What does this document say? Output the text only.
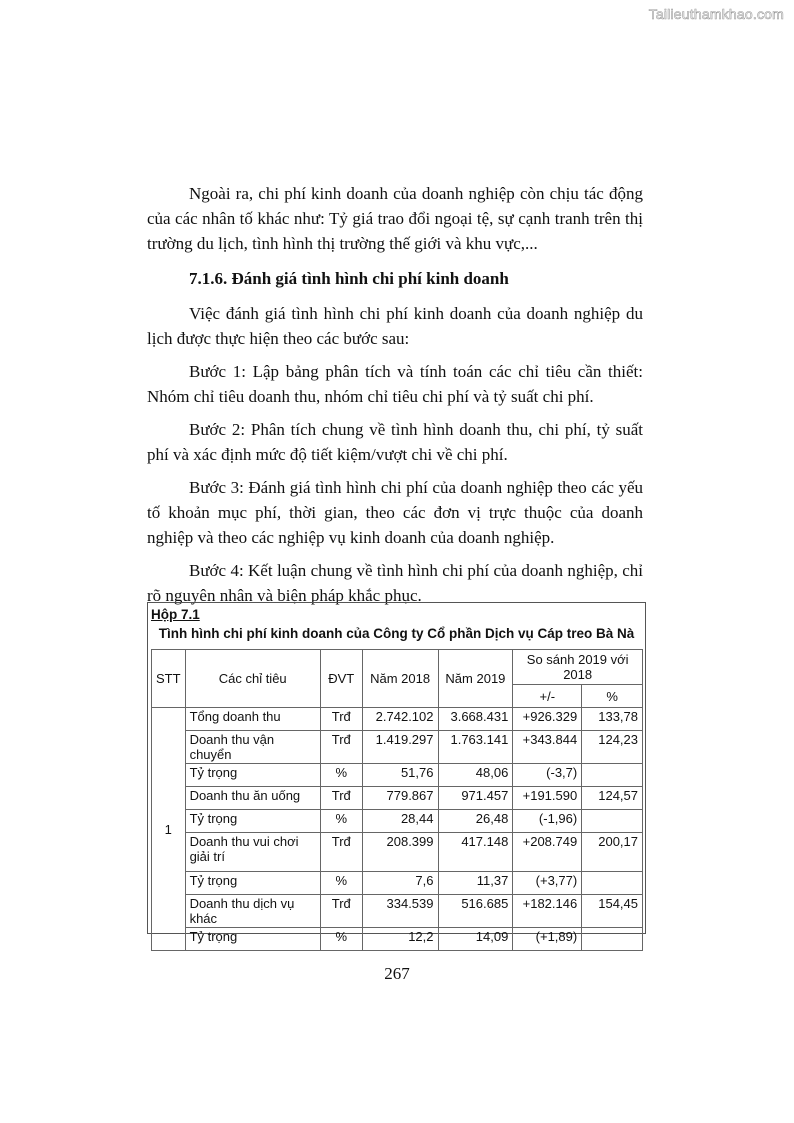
Tailieuthamkhao.com

Ngoài ra, chi phí kinh doanh của doanh nghiệp còn chịu tác động của các nhân tố khác như: Tỷ giá trao đổi ngoại tệ, sự cạnh tranh trên thị trường du lịch, tình hình thị trường thế giới và khu vực,...

7.1.6. Đánh giá tình hình chi phí kinh doanh

Việc đánh giá tình hình chi phí kinh doanh của doanh nghiệp du lịch được thực hiện theo các bước sau:

Bước 1: Lập bảng phân tích và tính toán các chỉ tiêu cần thiết: Nhóm chỉ tiêu doanh thu, nhóm chỉ tiêu chi phí và tỷ suất chi phí.

Bước 2: Phân tích chung về tình hình doanh thu, chi phí, tỷ suất phí và xác định mức độ tiết kiệm/vượt chi về chi phí.

Bước 3: Đánh giá tình hình chi phí của doanh nghiệp theo các yếu tố khoản mục phí, thời gian, theo các đơn vị trực thuộc của doanh nghiệp và theo các nghiệp vụ kinh doanh của doanh nghiệp.

Bước 4: Kết luận chung về tình hình chi phí của doanh nghiệp, chỉ rõ nguyên nhân và biện pháp khắc phục.

Hộp 7.1
Tình hình chi phí kinh doanh của Công ty Cổ phần Dịch vụ Cáp treo Bà Nà
STT	Các chỉ tiêu	ĐVT	Năm 2018	Năm 2019	So sánh 2019 với 2018	
					+/-	%
1	Tổng doanh thu	Trđ	2.742.102	3.668.431	+926.329	133,78
	Doanh thu vận chuyển	Trđ	1.419.297	1.763.141	+343.844	124,23
	Tỷ trọng	%	51,76	48,06	(-3,7)	
	Doanh thu ăn uống	Trđ	779.867	971.457	+191.590	124,57
	Tỷ trọng	%	28,44	26,48	(-1,96)	
	Doanh thu vui chơi giải trí	Trđ	208.399	417.148	+208.749	200,17
	Tỷ trọng	%	7,6	11,37	(+3,77)	
	Doanh thu dịch vụ khác	Trđ	334.539	516.685	+182.146	154,45
	Tỷ trọng	%	12,2	14,09	(+1,89)	
267
